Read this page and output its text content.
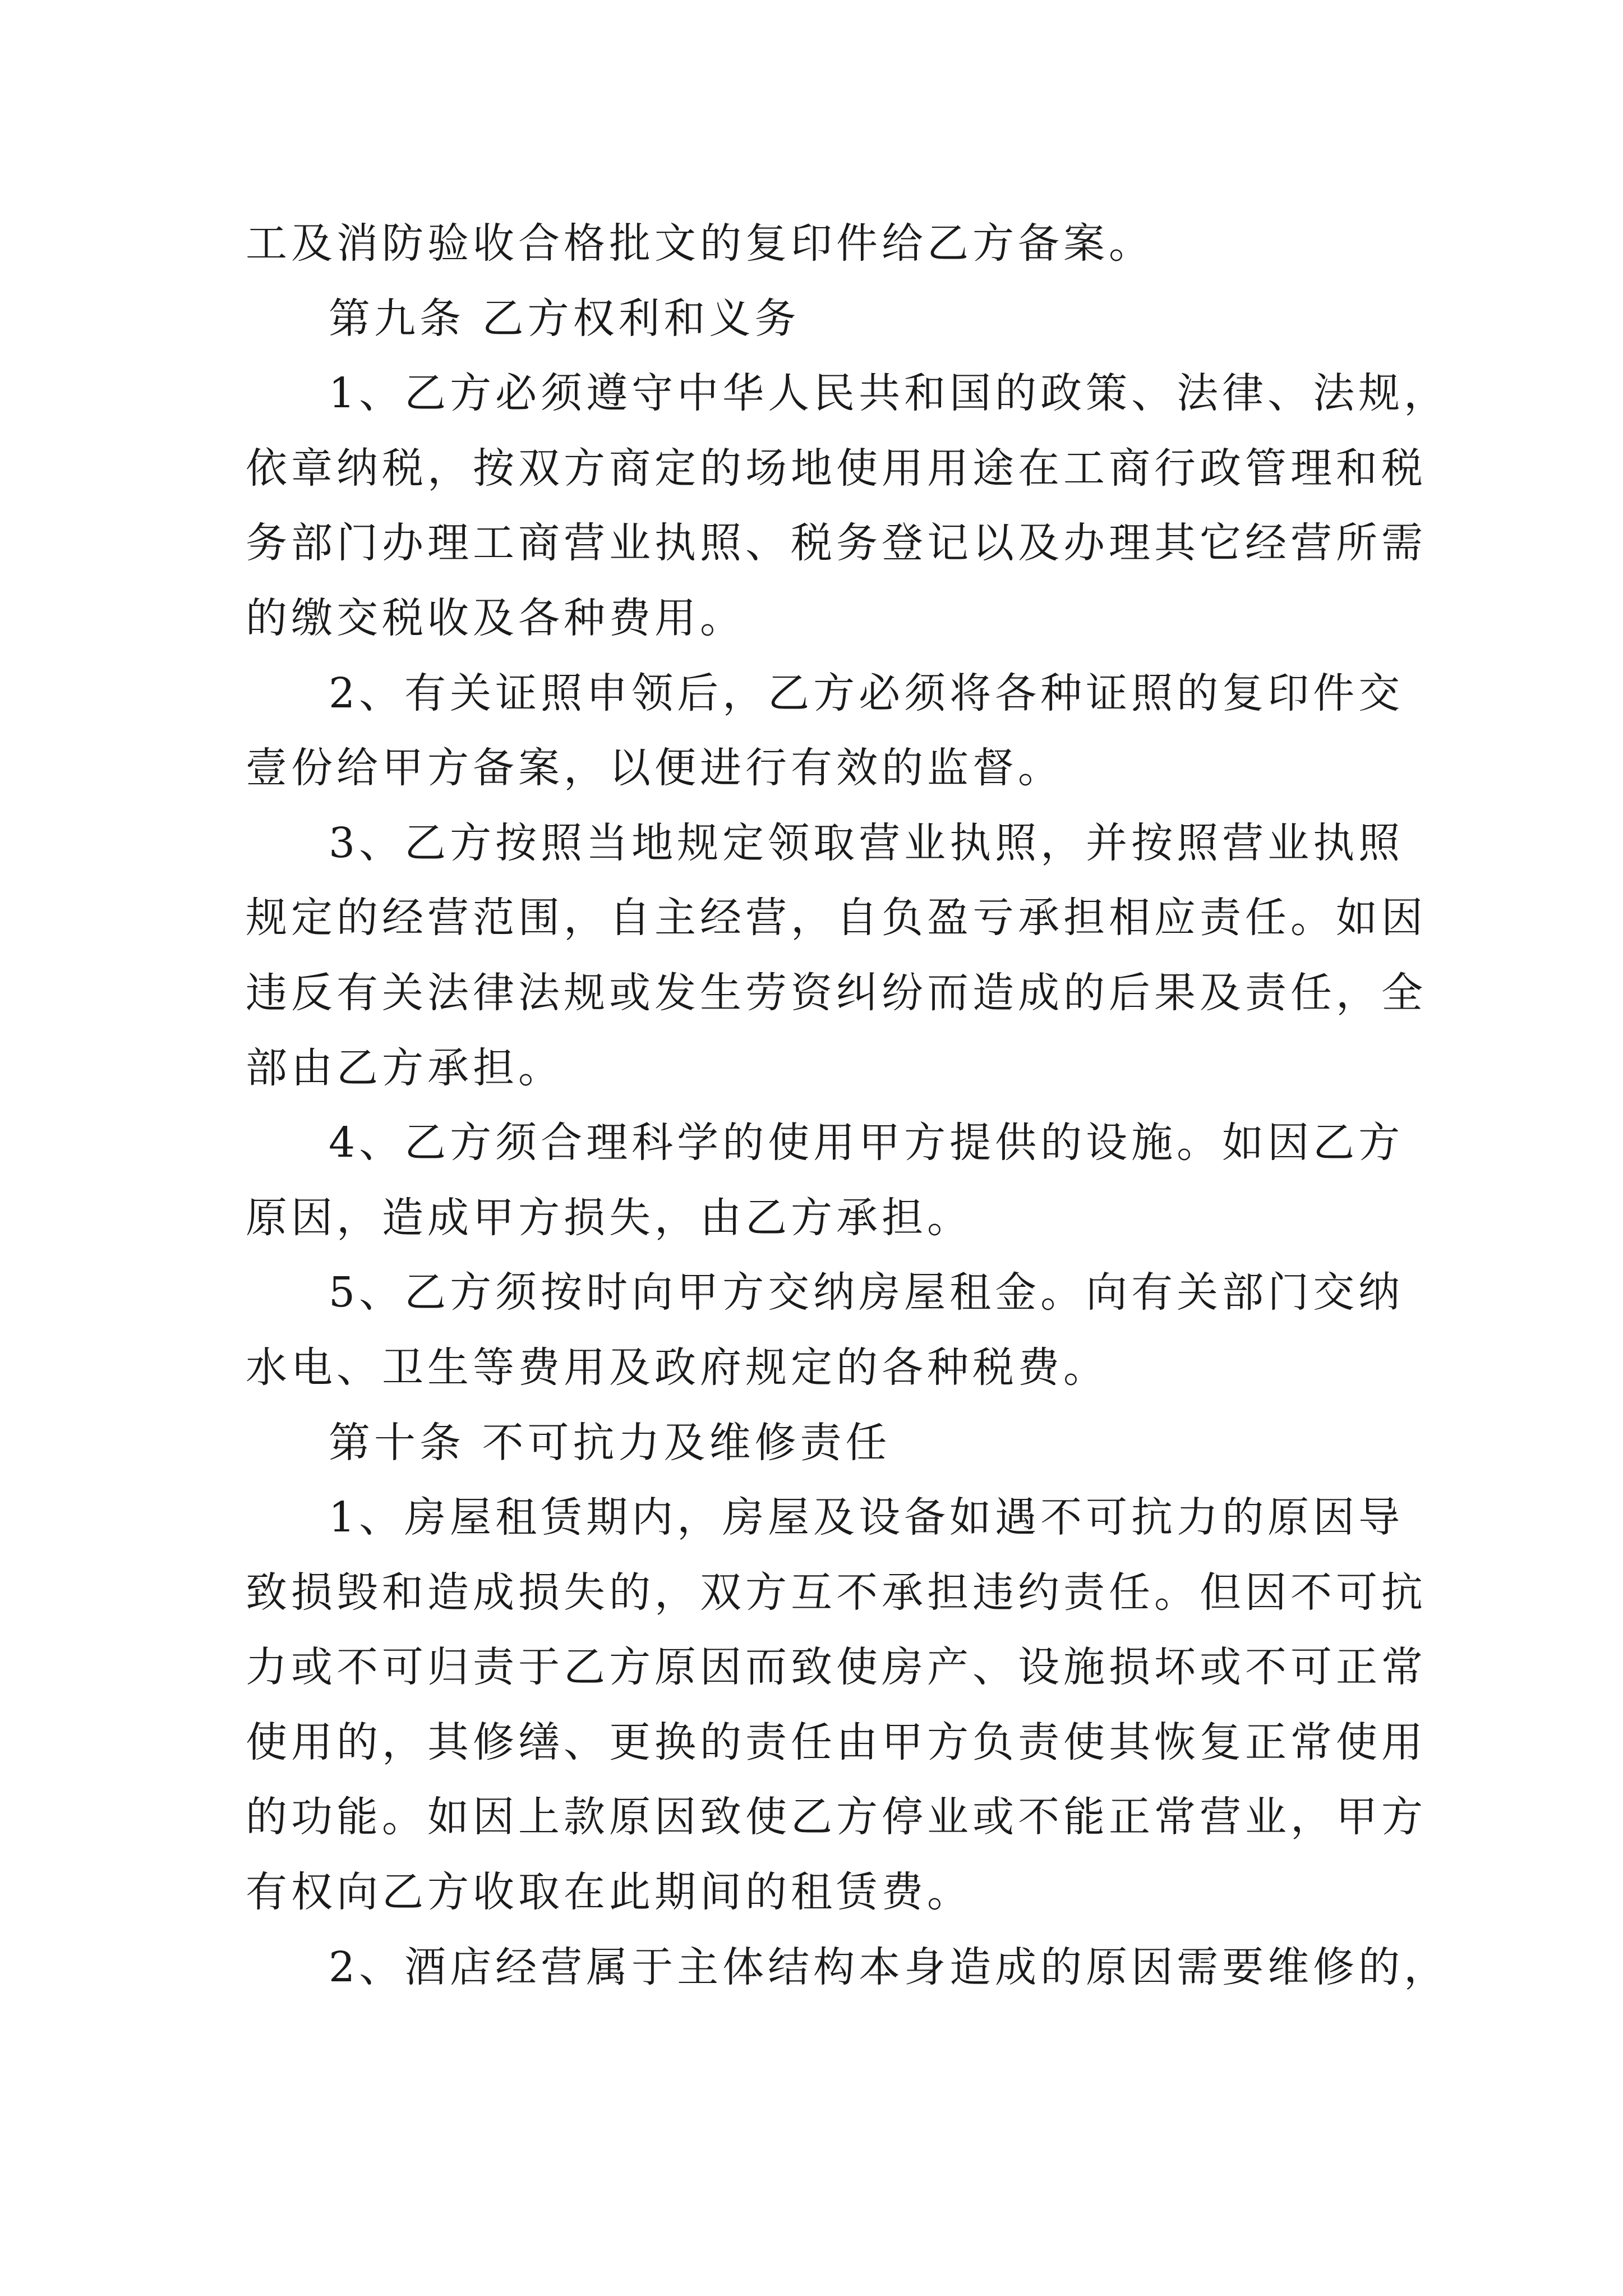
工及消防验收合格批文的复印件给乙方备案。
第九条 乙方权利和义务
1、乙方必须遵守中华人民共和国的政策、法律、法规，
依章纳税，按双方商定的场地使用用途在工商行政管理和税
务部门办理工商营业执照、税务登记以及办理其它经营所需
的缴交税收及各种费用。
2、有关证照申领后，乙方必须将各种证照的复印件交
壹份给甲方备案，以便进行有效的监督。
3、乙方按照当地规定领取营业执照，并按照营业执照
规定的经营范围，自主经营，自负盈亏承担相应责任。如因
违反有关法律法规或发生劳资纠纷而造成的后果及责任，全
部由乙方承担。
4、乙方须合理科学的使用甲方提供的设施。如因乙方
原因，造成甲方损失，由乙方承担。
5、乙方须按时向甲方交纳房屋租金。向有关部门交纳
水电、卫生等费用及政府规定的各种税费。
第十条 不可抗力及维修责任
1、房屋租赁期内，房屋及设备如遇不可抗力的原因导
致损毁和造成损失的，双方互不承担违约责任。但因不可抗
力或不可归责于乙方原因而致使房产、设施损坏或不可正常
使用的，其修缮、更换的责任由甲方负责使其恢复正常使用
的功能。如因上款原因致使乙方停业或不能正常营业，甲方
有权向乙方收取在此期间的租赁费。
2、酒店经营属于主体结构本身造成的原因需要维修的，
